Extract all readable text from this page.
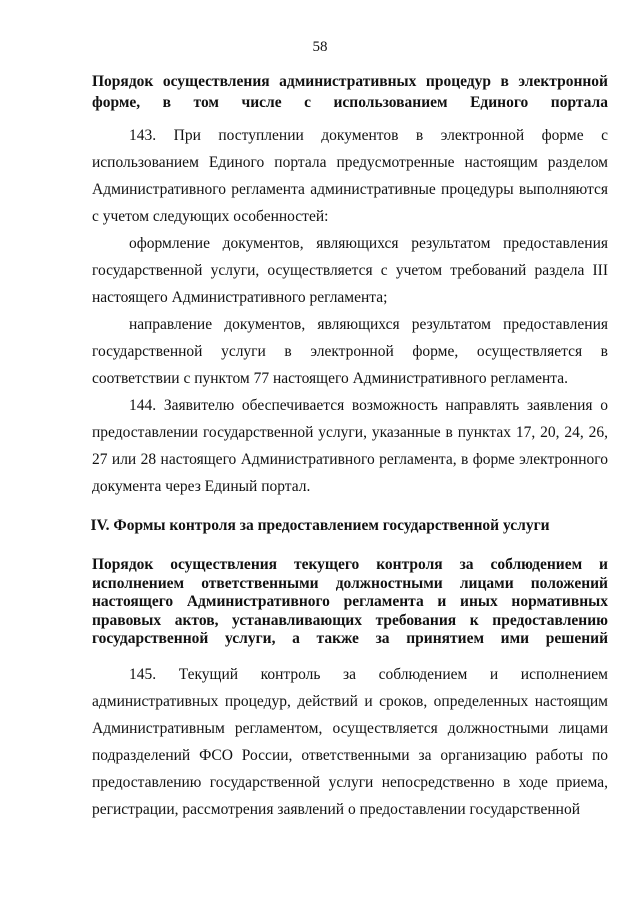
58
Порядок осуществления административных процедур в электронной форме, в том числе с использованием Единого портала

143. При поступлении документов в электронной форме с использованием Единого портала предусмотренные настоящим разделом Административного регламента административные процедуры выполняются с учетом следующих особенностей:

оформление документов, являющихся результатом предоставления государственной услуги, осуществляется с учетом требований раздела III настоящего Административного регламента;

направление документов, являющихся результатом предоставления государственной услуги в электронной форме, осуществляется в соответствии с пунктом 77 настоящего Административного регламента.

144. Заявителю обеспечивается возможность направлять заявления о предоставлении государственной услуги, указанные в пунктах 17, 20, 24, 26, 27 или 28 настоящего Административного регламента, в форме электронного документа через Единый портал.

IV. Формы контроля за предоставлением государственной услуги
Порядок осуществления текущего контроля за соблюдением и исполнением ответственными должностными лицами положений настоящего Административного регламента и иных нормативных правовых актов, устанавливающих требования к предоставлению государственной услуги, а также за принятием ими решений

145. Текущий контроль за соблюдением и исполнением административных процедур, действий и сроков, определенных настоящим Административным регламентом, осуществляется должностными лицами подразделений ФСО России, ответственными за организацию работы по предоставлению государственной услуги непосредственно в ходе приема, регистрации, рассмотрения заявлений о предоставлении государственной
